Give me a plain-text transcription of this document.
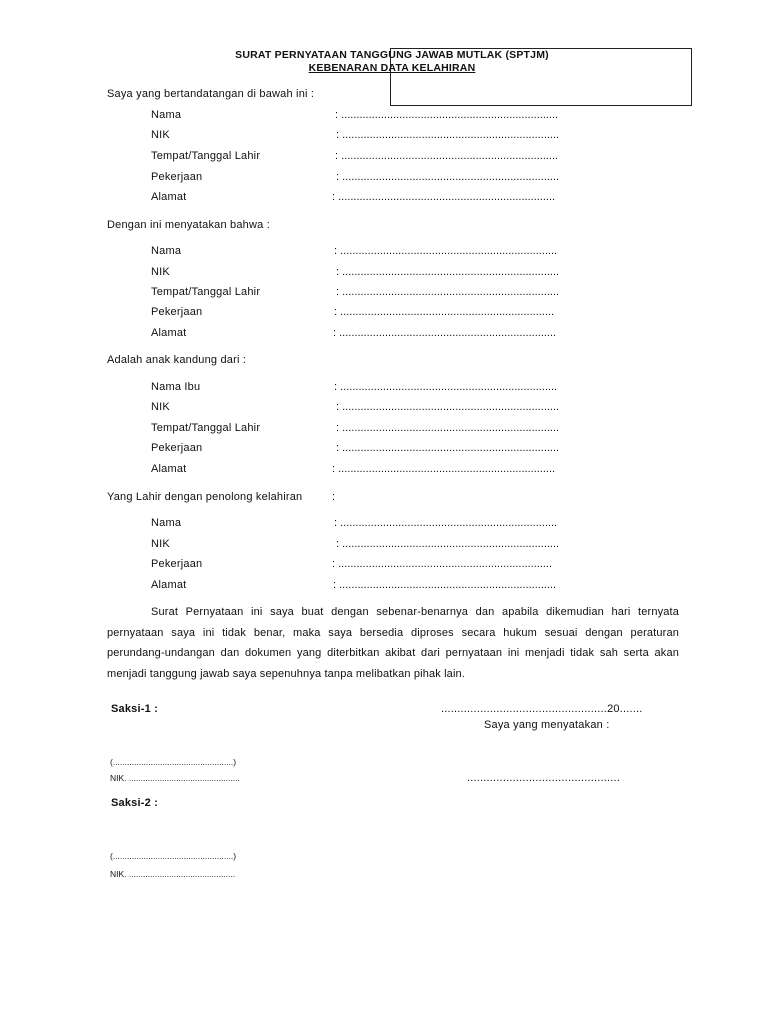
SURAT PERNYATAAN TANGGUNG JAWAB MUTLAK (SPTJM)
KEBENARAN DATA KELAHIRAN
Saya yang bertandatangan di bawah ini :
Nama	: .......................................................................
NIK	: .......................................................................
Tempat/Tanggal Lahir	: .......................................................................
Pekerjaan	: .......................................................................
Alamat	: .......................................................................
Dengan ini menyatakan bahwa :
Nama	: .......................................................................
NIK	: .......................................................................
Tempat/Tanggal Lahir	: .......................................................................
Pekerjaan	: ......................................................................
Alamat	: .......................................................................
Adalah anak kandung dari :
Nama Ibu	: .......................................................................
NIK	: .......................................................................
Tempat/Tanggal Lahir	: .......................................................................
Pekerjaan	: .......................................................................
Alamat	: .......................................................................
Yang Lahir dengan penolong kelahiran	:
Nama	: .......................................................................
NIK	: .......................................................................
Pekerjaan	: ......................................................................
Alamat	: .......................................................................
Surat Pernyataan ini saya buat dengan sebenar-benarnya dan apabila dikemudian hari ternyata pernyataan saya ini tidak benar, maka saya bersedia diproses secara hukum sesuai dengan peraturan perundang-undangan dan dokumen yang diterbitkan akibat dari pernyataan ini menjadi tidak sah serta akan menjadi tanggung jawab saya sepenuhnya tanpa melibatkan pihak lain.
Saksi-1 :	...................................................20.......
Saya yang menyatakan :
(...................................................)
NIK. ...............................................	...............................................
Saksi-2 :
(...................................................)
NIK. .............................................
